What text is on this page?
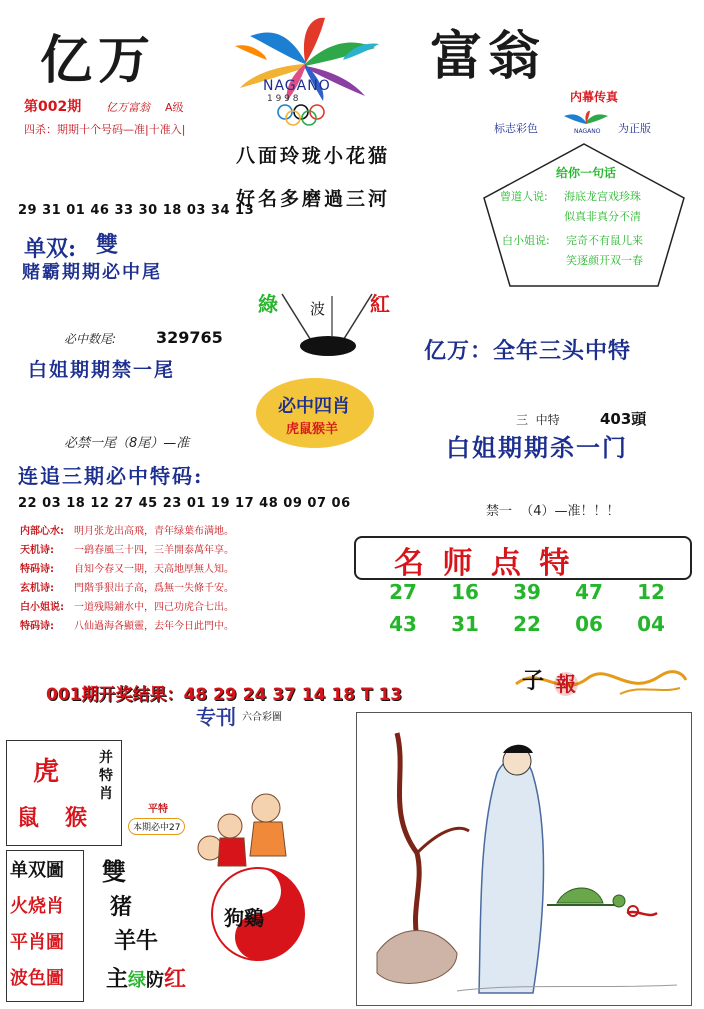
亿万	富翁
NAGANO
1 9 9 8
第002期 亿万富翁 A级
四杀：期期十个号码—准|十准入|
八面玲珑小花猫
好名多磨過三河
内幕传真
标志彩色	为正版
NAGANO
给你一句话
曾道人说: 海底龙宫戏珍珠
似真非真分不清
白小姐说: 完奇不有鼠儿来
笑逐颜开双一春
29 31 01 46 33 30 18 03 34 13
单双: 雙
赌霸期期必中尾
綠 波 紅
必中数尾: 329765
白姐期期禁一尾
亿万：全年三头中特
必中四肖
虎鼠猴羊
必禁一尾（8尾）—准
三  中特	403頭
白姐期期杀一门
连追三期必中特码:
22 03 18 12 27 45 23 01 19 17 48 09 07 06
禁一  （4）—准！！！
内部心水: 明月张龙出高飛，青年绿葉布满地。
天机诗: 一鹞春風三十四，三羊開泰萬年享。
特码诗: 自知今春又一期，天高地厚無人知。
玄机诗: 門階爭狠出子高，爲無一失條千安。
白小姐说: 一道残陽鋪水中，四己功虎合七出。
特码诗: 八仙過海各顯靈，去年今日此門中。
名 师 点 特
27	16	39	47	12
43	31	22	06	04
001期开奖结果：48 29 24 37 14 18 T 13
专刊 六合彩圖
子 報
虎
鼠 猴
并特肖
平特
本期必中27
单双圖 雙
火烧肖 猪
平肖圖 羊牛
波色圖 主绿防红
狗鷄
